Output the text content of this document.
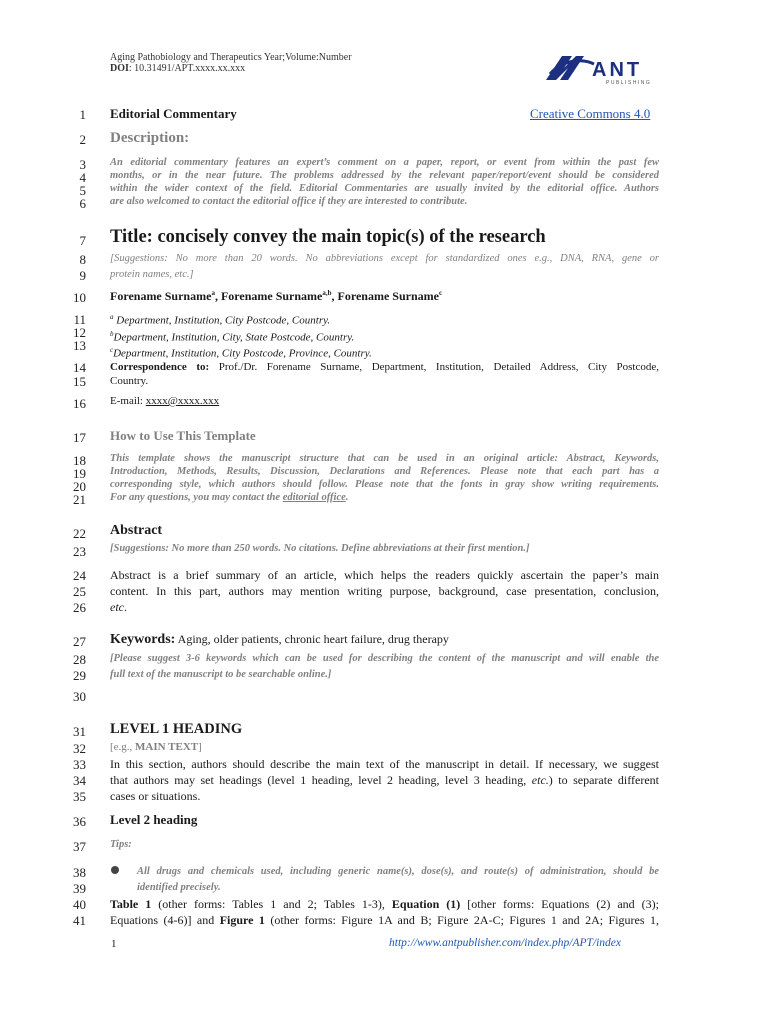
Aging Pathobiology and Therapeutics Year;Volume:Number
DOI: 10.31491/APT.xxxx.xx.xxx	ANT
PUBLISHING
1
2
3
4
5
6
7
8
9
10
11
12
13
14
15
16
17
18
19
20
21
22
23
24
25
26
27
28
29
30
31
32
33
34
35
36
37
38
39
40
41
Editorial Commentary	Creative Commons 4.0
Description:
An editorial commentary features an expert’s comment on a paper, report, or event from within the past few
months, or in the near future. The problems addressed by the relevant paper/report/event should be considered
within the wider context of the field. Editorial Commentaries are usually invited by the editorial office. Authors
are also welcomed to contact the editorial office if they are interested to contribute.
Title: concisely convey the main topic(s) of the research
[Suggestions: No more than 20 words. No abbreviations except for standardized ones e.g., DNA, RNA, gene or
protein names, etc.]
Forename Surname$^a$, Forename Surname$^{a,b}$, Forename Surname$^c$
$^a$ Department, Institution, City Postcode, Country.
$^b$Department, Institution, City, State Postcode, Country.
$^c$Department, Institution, City Postcode, Province, Country.
Correspondence to: Prof./Dr. Forename Surname, Department, Institution, Detailed Address, City Postcode,
Country.
E-mail: xxxx@xxxx.xxx
How to Use This Template
This template shows the manuscript structure that can be used in an original article: Abstract, Keywords,
Introduction, Methods, Results, Discussion, Declarations and References. Please note that each part has a
corresponding style, which authors should follow. Please note that the fonts in gray show writing requirements.
For any questions, you may contact the editorial office.
Abstract
[Suggestions: No more than 250 words. No citations. Define abbreviations at their first mention.]
Abstract is a brief summary of an article, which helps the readers quickly ascertain the paper’s main
content. In this part, authors may mention writing purpose, background, case presentation, conclusion,
etc.
Keywords: Aging, older patients, chronic heart failure, drug therapy
[Please suggest 3-6 keywords which can be used for describing the content of the manuscript and will enable the
full text of the manuscript to be searchable online.]
LEVEL 1 HEADING
[e.g., MAIN TEXT]
In this section, authors should describe the main text of the manuscript in detail. If necessary, we suggest
that authors may set headings (level 1 heading, level 2 heading, level 3 heading, etc.) to separate different
cases or situations.
Level 2 heading
Tips:
All drugs and chemicals used, including generic name(s), dose(s), and route(s) of administration, should be
identified precisely.
Table 1 (other forms: Tables 1 and 2; Tables 1-3), Equation (1) [other forms: Equations (2) and (3);
Equations (4-6)] and Figure 1 (other forms: Figure 1A and B; Figure 2A-C; Figures 1 and 2A; Figures 1,
1	http://www.antpublisher.com/index.php/APT/index
